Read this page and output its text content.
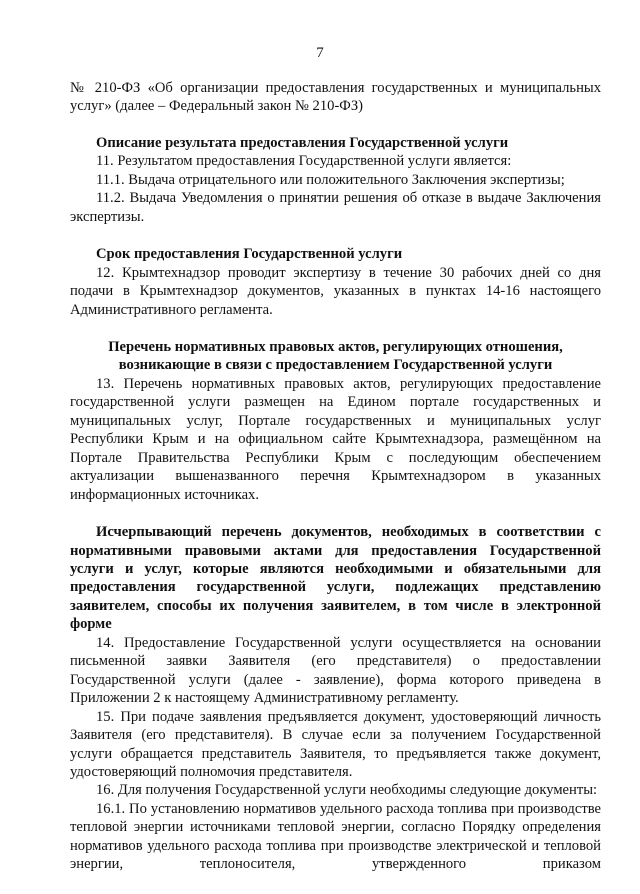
7

№ 210-ФЗ «Об организации предоставления государственных и муниципальных услуг» (далее – Федеральный закон № 210-ФЗ)

Описание результата предоставления Государственной услуги

11. Результатом предоставления Государственной услуги является:

11.1. Выдача отрицательного или положительного Заключения экспертизы;

11.2. Выдача Уведомления о принятии решения об отказе в выдаче Заключения экспертизы.

Срок предоставления Государственной услуги

12. Крымтехнадзор проводит экспертизу в течение 30 рабочих дней со дня подачи в Крымтехнадзор документов, указанных в пунктах 14-16 настоящего Административного регламента.

Перечень нормативных правовых актов, регулирующих отношения,
возникающие в связи с предоставлением Государственной услуги

13. Перечень нормативных правовых актов, регулирующих предоставление государственной услуги размещен на Едином портале государственных и муниципальных услуг, Портале государственных и муниципальных услуг Республики Крым и на официальном сайте Крымтехнадзора, размещённом на Портале Правительства Республики Крым с последующим обеспечением актуализации вышеназванного перечня Крымтехнадзором в указанных информационных источниках.

Исчерпывающий перечень документов, необходимых в соответствии с нормативными правовыми актами для предоставления Государственной услуги и услуг, которые являются необходимыми и обязательными для предоставления государственной услуги, подлежащих представлению заявителем, способы их получения заявителем, в том числе в электронной форме

14. Предоставление Государственной услуги осуществляется на основании письменной заявки Заявителя (его представителя) о предоставлении Государственной услуги (далее - заявление), форма которого приведена в Приложении 2 к настоящему Административному регламенту.

15. При подаче заявления предъявляется документ, удостоверяющий личность Заявителя (его представителя). В случае если за получением Государственной услуги обращается представитель Заявителя, то предъявляется также документ, удостоверяющий полномочия представителя.

16. Для получения Государственной услуги необходимы следующие документы:

16.1. По установлению нормативов удельного расхода топлива при производстве тепловой энергии источниками тепловой энергии, согласно Порядку определения нормативов удельного расхода топлива при производстве электрической и тепловой энергии, теплоносителя, утвержденного приказом
